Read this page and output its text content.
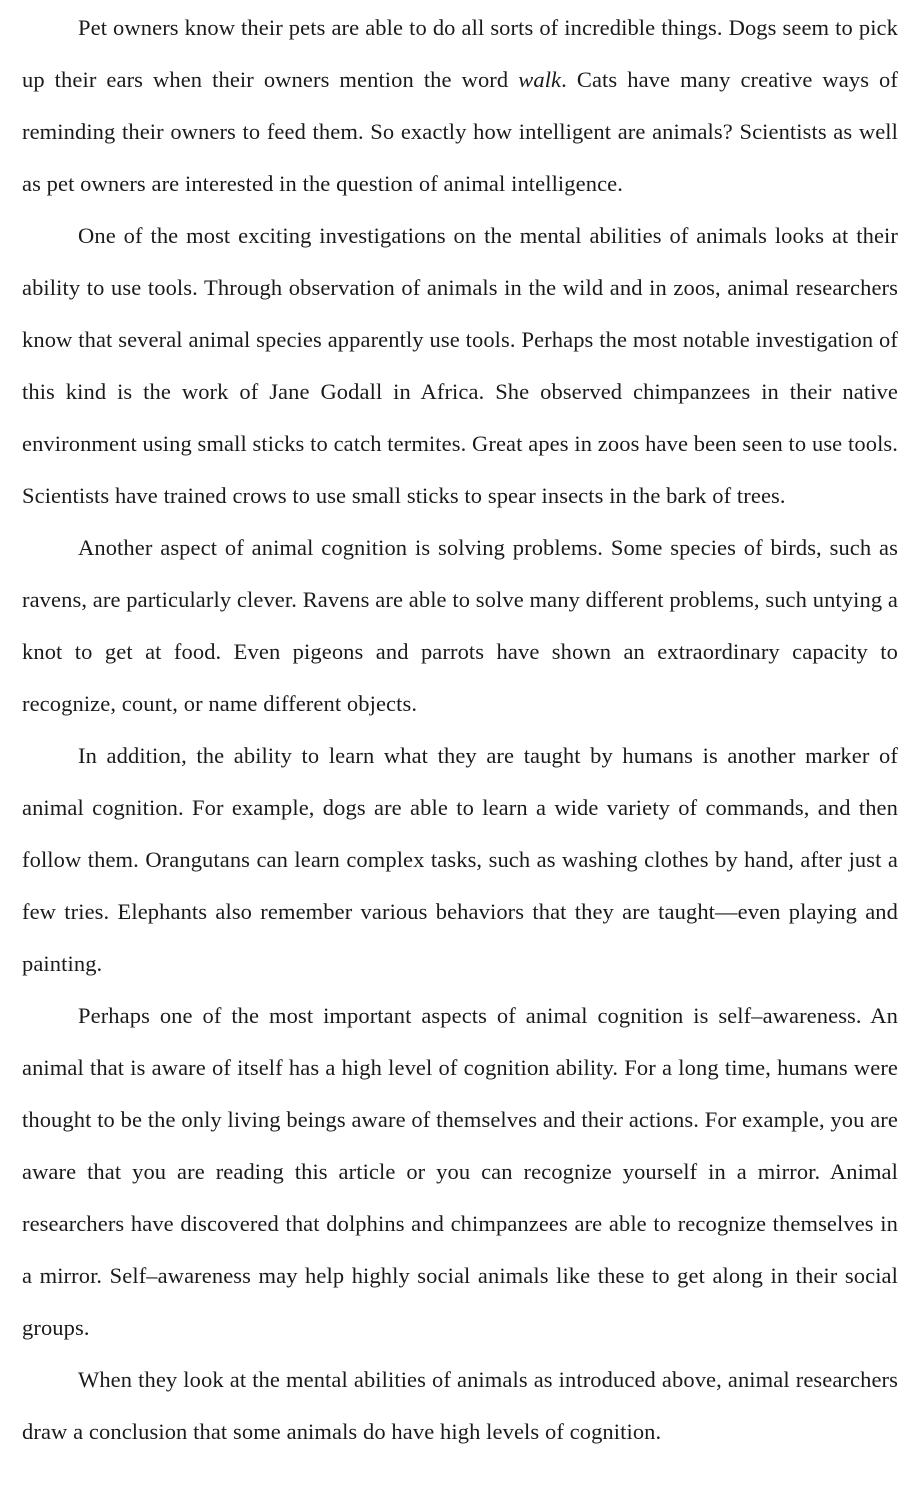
Pet owners know their pets are able to do all sorts of incredible things. Dogs seem to pick up their ears when their owners mention the word walk. Cats have many creative ways of reminding their owners to feed them. So exactly how intelligent are animals? Scientists as well as pet owners are interested in the question of animal intelligence.

One of the most exciting investigations on the mental abilities of animals looks at their ability to use tools. Through observation of animals in the wild and in zoos, animal researchers know that several animal species apparently use tools. Perhaps the most notable investigation of this kind is the work of Jane Godall in Africa. She observed chimpanzees in their native environment using small sticks to catch termites. Great apes in zoos have been seen to use tools. Scientists have trained crows to use small sticks to spear insects in the bark of trees.

Another aspect of animal cognition is solving problems. Some species of birds, such as ravens, are particularly clever. Ravens are able to solve many different problems, such untying a knot to get at food. Even pigeons and parrots have shown an extraordinary capacity to recognize, count, or name different objects.

In addition, the ability to learn what they are taught by humans is another marker of animal cognition. For example, dogs are able to learn a wide variety of commands, and then follow them. Orangutans can learn complex tasks, such as washing clothes by hand, after just a few tries. Elephants also remember various behaviors that they are taught—even playing and painting.

Perhaps one of the most important aspects of animal cognition is self–awareness. An animal that is aware of itself has a high level of cognition ability. For a long time, humans were thought to be the only living beings aware of themselves and their actions. For example, you are aware that you are reading this article or you can recognize yourself in a mirror. Animal researchers have discovered that dolphins and chimpanzees are able to recognize themselves in a mirror. Self–awareness may help highly social animals like these to get along in their social groups.

When they look at the mental abilities of animals as introduced above, animal researchers draw a conclusion that some animals do have high levels of cognition.
